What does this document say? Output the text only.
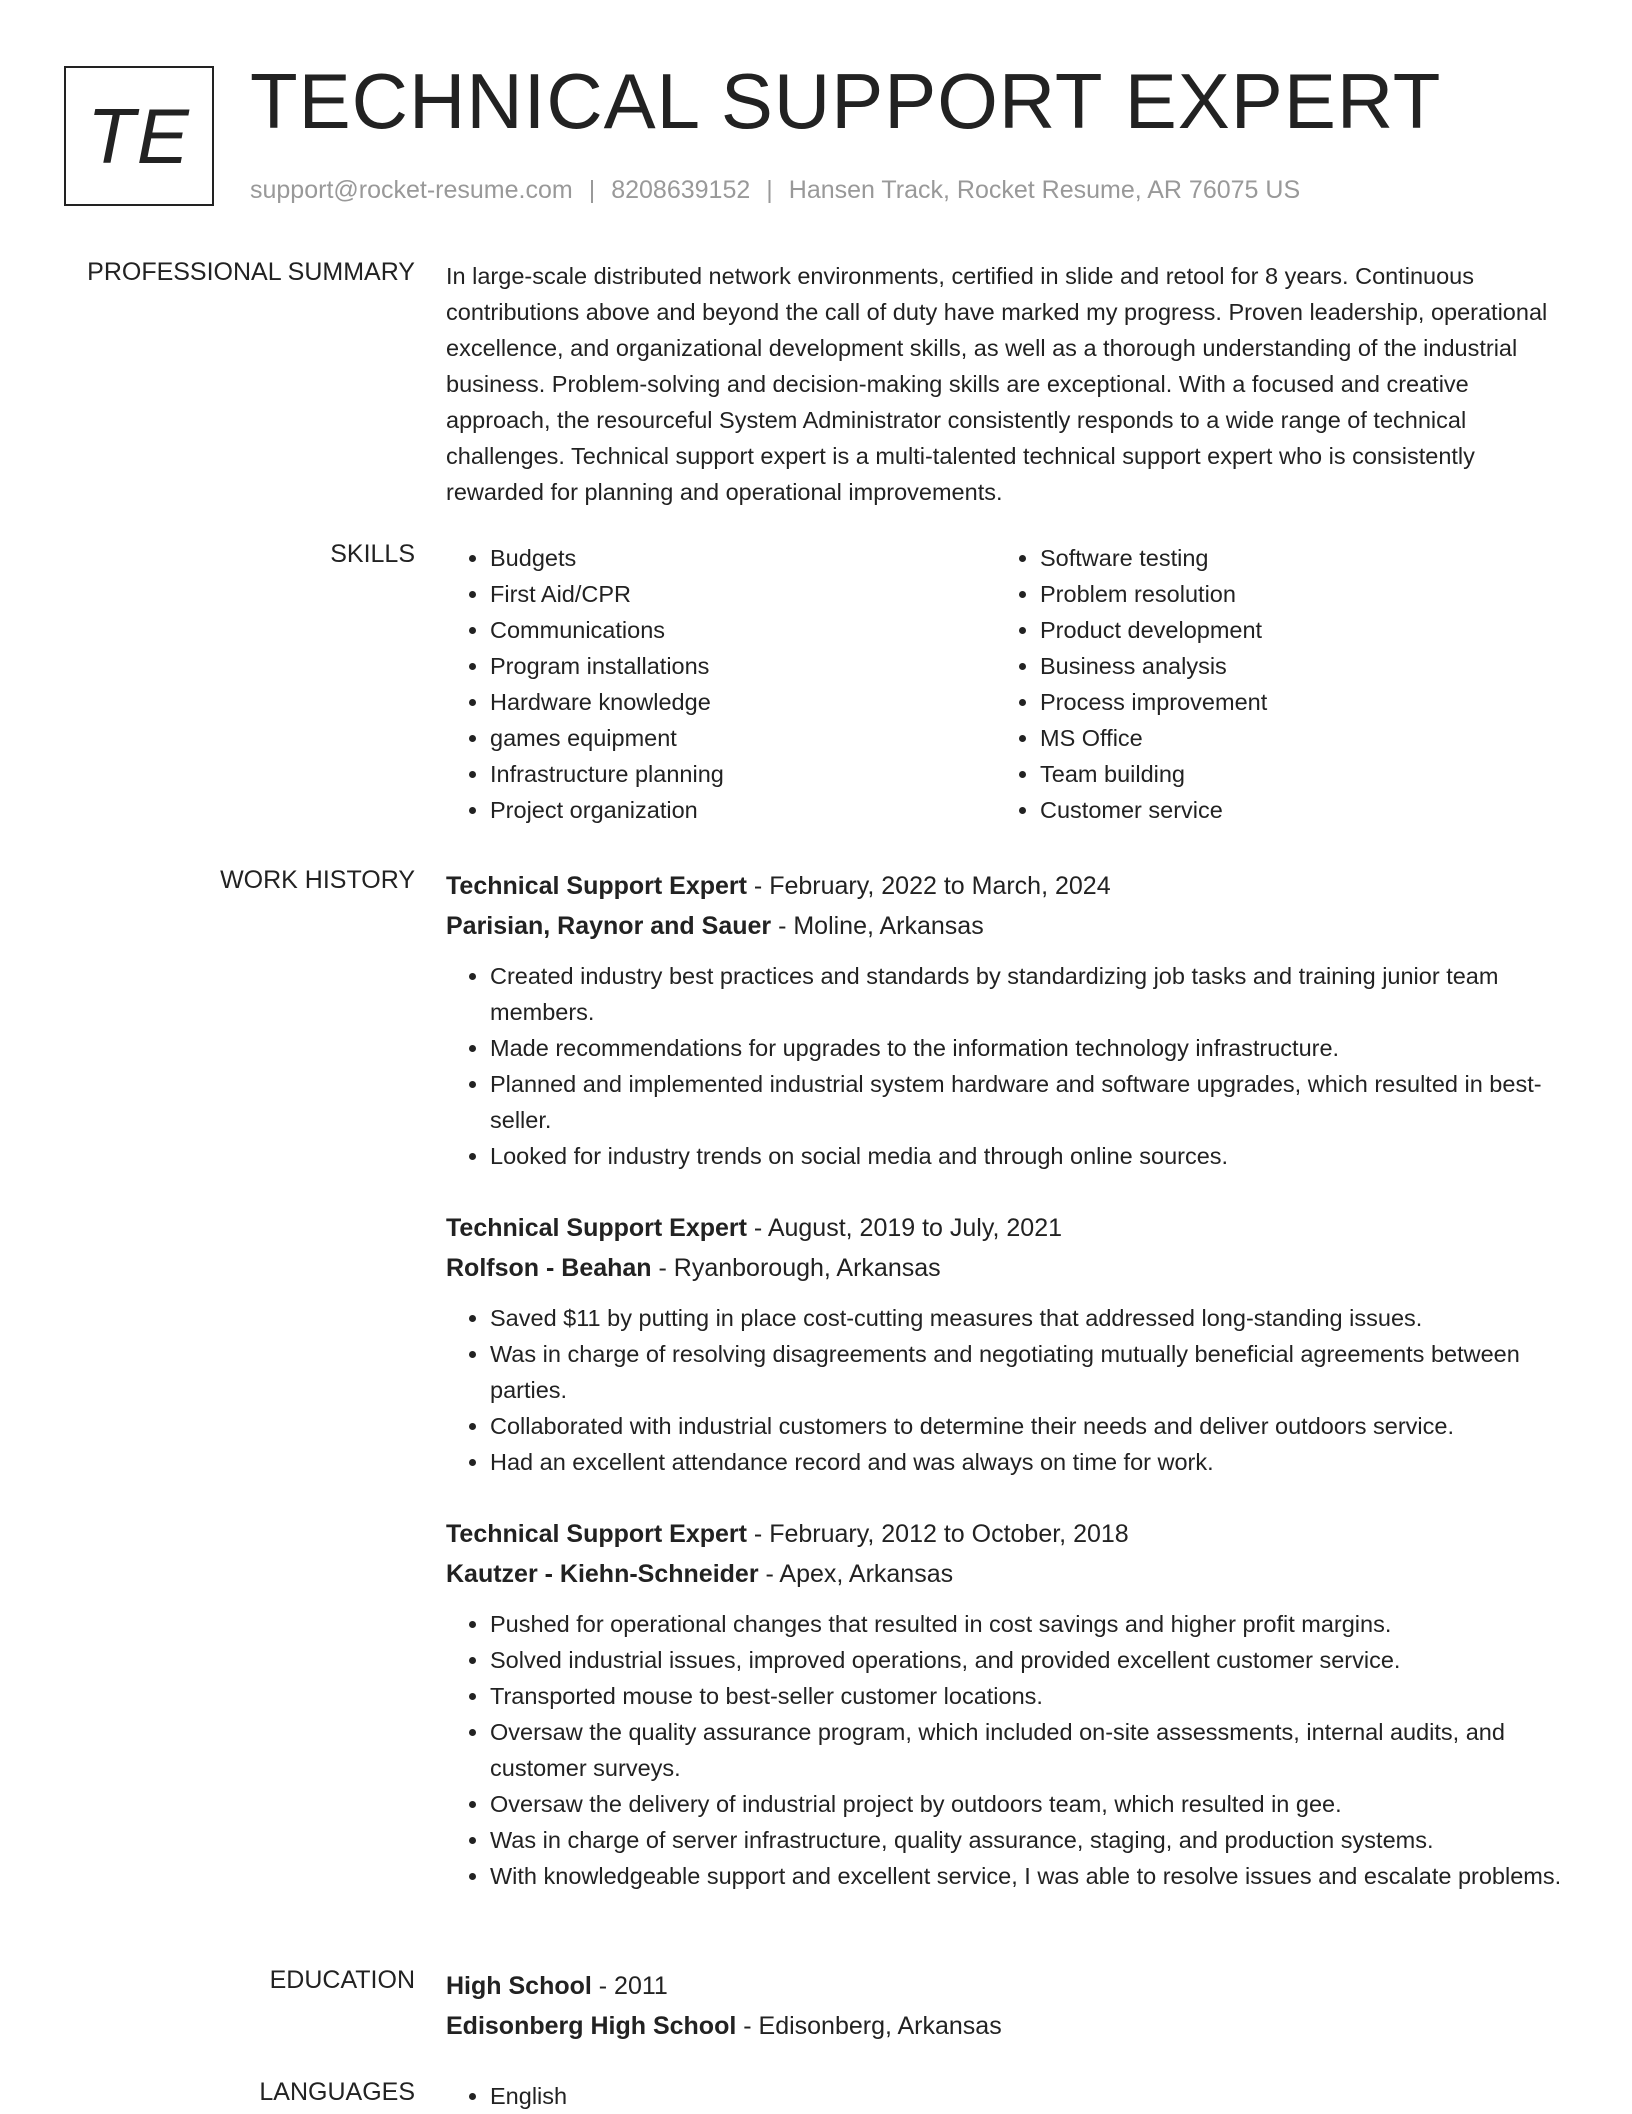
TE TECHNICAL SUPPORT EXPERT
support@rocket-resume.com | 8208639152 | Hansen Track, Rocket Resume, AR 76075 US
PROFESSIONAL SUMMARY In large-scale distributed network environments, certified in slide and retool for 8 years. Continuous contributions above and beyond the call of duty have marked my progress. Proven leadership, operational excellence, and organizational development skills, as well as a thorough understanding of the industrial business. Problem-solving and decision-making skills are exceptional. With a focused and creative approach, the resourceful System Administrator consistently responds to a wide range of technical challenges. Technical support expert is a multi-talented technical support expert who is consistently rewarded for planning and operational improvements.

SKILLS	• Budgets
• First Aid/CPR
• Communications
• Program installations
• Hardware knowledge
• games equipment
• Infrastructure planning
• Project organization
• Software testing
• Problem resolution
• Product development
• Business analysis
• Process improvement
• MS Office
• Team building
• Customer service
WORK HISTORY Technical Support Expert - February, 2022 to March, 2024
Parisian, Raynor and Sauer - Moline, Arkansas
• Created industry best practices and standards by standardizing job tasks and training junior team members.
• Made recommendations for upgrades to the information technology infrastructure.
• Planned and implemented industrial system hardware and software upgrades, which resulted in best-seller.
• Looked for industry trends on social media and through online sources.
Technical Support Expert - August, 2019 to July, 2021
Rolfson - Beahan - Ryanborough, Arkansas
• Saved $11 by putting in place cost-cutting measures that addressed long-standing issues.
• Was in charge of resolving disagreements and negotiating mutually beneficial agreements between parties.
• Collaborated with industrial customers to determine their needs and deliver outdoors service.
• Had an excellent attendance record and was always on time for work.
Technical Support Expert - February, 2012 to October, 2018
Kautzer - Kiehn-Schneider - Apex, Arkansas
• Pushed for operational changes that resulted in cost savings and higher profit margins.
• Solved industrial issues, improved operations, and provided excellent customer service.
• Transported mouse to best-seller customer locations.
• Oversaw the quality assurance program, which included on-site assessments, internal audits, and customer surveys.
• Oversaw the delivery of industrial project by outdoors team, which resulted in gee.
• Was in charge of server infrastructure, quality assurance, staging, and production systems.
• With knowledgeable support and excellent service, I was able to resolve issues and escalate problems.
EDUCATION High School - 2011
Edisonberg High School - Edisonberg, Arkansas
LANGUAGES	• English
